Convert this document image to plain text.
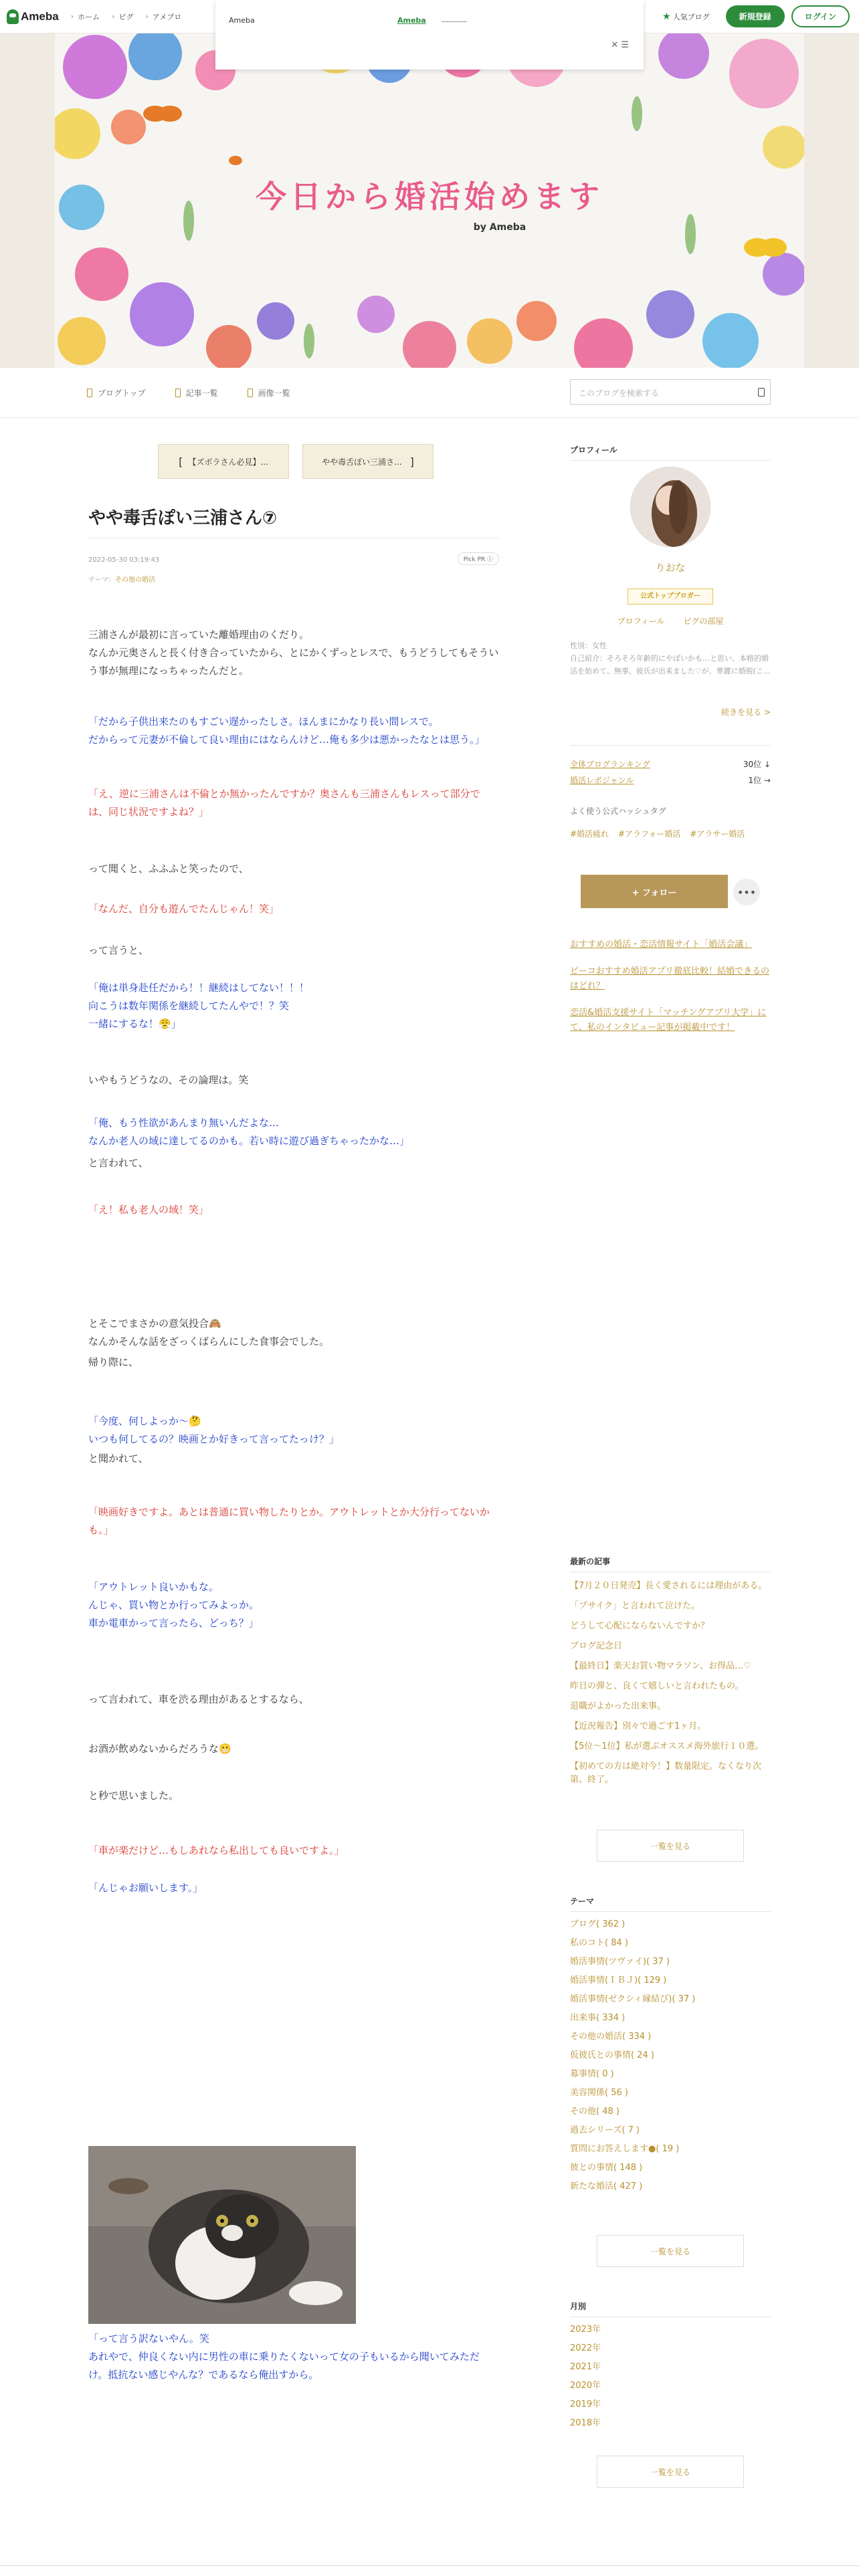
Ameba	› ホーム	› ピグ	› アメブロ	★ 人気ブログ	新規登録	ログイン
Ameba	Ameba
✕ ☰
今日から婚活始めます
by Ameba
ブログトップ	記事一覧	画像一覧	このブログを検索する
[ 【ズボラさん必見】...	やや毒舌ぽい三浦さ... ]
やや毒舌ぽい三浦さん⑦
2022-05-30 03:19:43	Pick PR ⓘ
テーマ：その他の婚活
三浦さんが最初に言っていた離婚理由のくだり。
なんか元奥さんと長く付き合っていたから、とにかくずっとレスで、もうどうしてもそういう事が無理になっちゃったんだと。
「だから子供出来たのもすごい遅かったしさ。ほんまにかなり長い間レスで。
だからって元妻が不倫して良い理由にはならんけど…俺も多少は悪かったなとは思う。」
「え、逆に三浦さんは不倫とか無かったんですか？奥さんも三浦さんもレスって部分では、同じ状況ですよね？」
って聞くと、ふふふと笑ったので、
「なんだ、自分も遊んでたんじゃん！笑」
って言うと、
「俺は単身赴任だから！！継続はしてない！！！
向こうは数年関係を継続してたんやで！？笑
一緒にするな！😤」
いやもうどうなの、その論理は。笑
「俺、もう性欲があんまり無いんだよな…
なんか老人の域に達してるのかも。若い時に遊び過ぎちゃったかな…」
と言われて、
「え！私も老人の域！笑」
とそこでまさかの意気投合🙈
なんかそんな話をざっくばらんにした食事会でした。
帰り際に、
「今度、何しよっか〜🤔
いつも何してるの？映画とか好きって言ってたっけ？」
と聞かれて、
「映画好きですよ。あとは普通に買い物したりとか。アウトレットとか大分行ってないかも。」
「アウトレット良いかもな。
んじゃ、買い物とか行ってみよっか。
車か電車かって言ったら、どっち？」
って言われて、車を渋る理由があるとするなら、
お酒が飲めないからだろうな😬
と秒で思いました。
「車が楽だけど…もしあれなら私出しても良いですよ。」
「んじゃお願いします。」
「って言う訳ないやん。笑
あれやで、仲良くない内に男性の車に乗りたくないって女の子もいるから聞いてみただけ。抵抗ない感じやんな？であるなら俺出すから。
プロフィール
りおな
公式トップブロガー
プロフィール ピグの部屋
性別：女性
自己紹介：そろそろ年齢的にやばいかも…と思い、本格的婚活を始めて。無事、彼氏が出来ました♡が、華麗に婚脱(こ...
続きを見る >
全体ブログランキング	30位 ↓
婚活レポジャンル	1位 →
よく使う公式ハッシュタグ
#婚活疲れ #アラフォー婚活 #アラサー婚活
+ フォロー	•••
おすすめの婚活・恋活情報サイト「婚活会議」
ピーコおすすめ婚活アプリ徹底比較！結婚できるのはどれ？
恋活&婚活支援サイト「マッチングアプリ大学」にて、私のインタビュー記事が掲載中です！
最新の記事
【7月２０日発売】長く愛されるには理由がある。
「プサイク」と言われて泣けた。
どうして心配にならないんですか？
ブログ記念日
【最終日】楽天お買い物マラソン、お得品…♡
昨日の弾と、良くて嬉しいと言われたもの。
退職がよかった出来事。
【近況報告】別々で過ごす1ヶ月。
【5位〜1位】私が選ぶオススメ海外旅行１０選。
【初めての方は絶対今！】数量限定。なくなり次第、終了。
一覧を見る
テーマ
ブログ( 362 )
私のコト( 84 )
婚活事情(ツヴァイ)( 37 )
婚活事情(ＩＢＪ)( 129 )
婚活事情(ゼクシィ縁結び)( 37 )
出来事( 334 )
その他の婚活( 334 )
仮彼氏との事情( 24 )
募事情( 0 )
美容関係( 56 )
その他( 48 )
過去シリーズ( 7 )
質問にお答えします●( 19 )
彼との事情( 148 )
新たな婚活( 427 )
一覧を見る
月別
2023年
2022年
2021年
2020年
2019年
2018年
一覧を見る
